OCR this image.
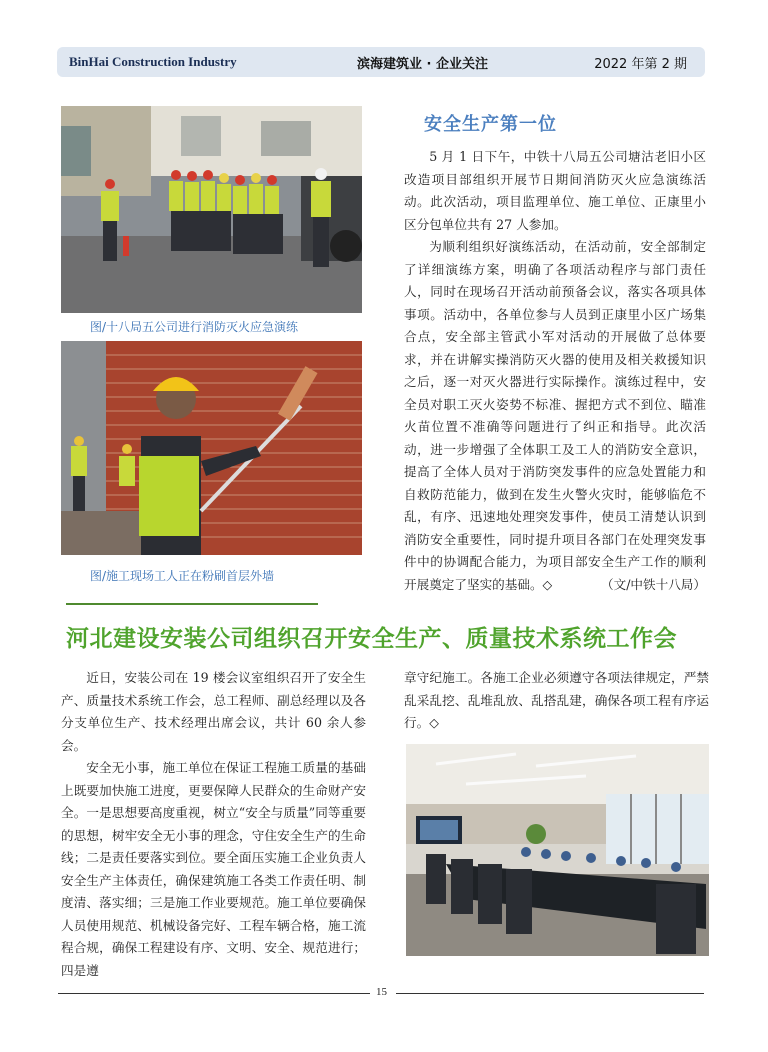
BinHai Construction Industry	滨海建筑业 · 企业关注	2022 年第 2 期
图/十八局五公司进行消防灭火应急演练
图/施工现场工人正在粉刷首层外墙
安全生产第一位

5 月 1 日下午，中铁十八局五公司塘沽老旧小区改造项目部组织开展节日期间消防灭火应急演练活动。此次活动，项目监理单位、施工单位、正康里小区分包单位共有 27 人参加。

为顺利组织好演练活动，在活动前，安全部制定了详细演练方案，明确了各项活动程序与部门责任人，同时在现场召开活动前预备会议，落实各项具体事项。活动中，各单位参与人员到正康里小区广场集合点，安全部主管武小军对活动的开展做了总体要求，并在讲解实操消防灭火器的使用及相关救援知识之后，逐一对灭火器进行实际操作。演练过程中，安全员对职工灭火姿势不标准、握把方式不到位、瞄准火苗位置不准确等问题进行了纠正和指导。此次活动，进一步增强了全体职工及工人的消防安全意识，提高了全体人员对于消防突发事件的应急处置能力和自救防范能力，做到在发生火警火灾时，能够临危不乱，有序、迅速地处理突发事件，使员工清楚认识到消防安全重要性，同时提升项目各部门在处理突发事件中的协调配合能力，为项目部安全生产工作的顺利开展奠定了坚实的基础。◇	（文/中铁十八局）

河北建设安装公司组织召开安全生产、质量技术系统工作会

近日，安装公司在 19 楼会议室组织召开了安全生产、质量技术系统工作会，总工程师、副总经理以及各分支单位生产、技术经理出席会议，共计 60 余人参会。

安全无小事，施工单位在保证工程施工质量的基础上既要加快施工进度，更要保障人民群众的生命财产安全。一是思想要高度重视，树立“安全与质量”同等重要的思想，树牢安全无小事的理念，守住安全生产的生命线；二是责任要落实到位。要全面压实施工企业负责人安全生产主体责任，确保建筑施工各类工作责任明、制度清、落实细；三是施工作业要规范。施工单位要确保人员使用规范、机械设备完好、工程车辆合格，施工流程合规，确保工程建设有序、文明、安全、规范进行；四是遵

章守纪施工。各施工企业必须遵守各项法律规定，严禁乱采乱挖、乱堆乱放、乱搭乱建，确保各项工程有序运行。◇

15
